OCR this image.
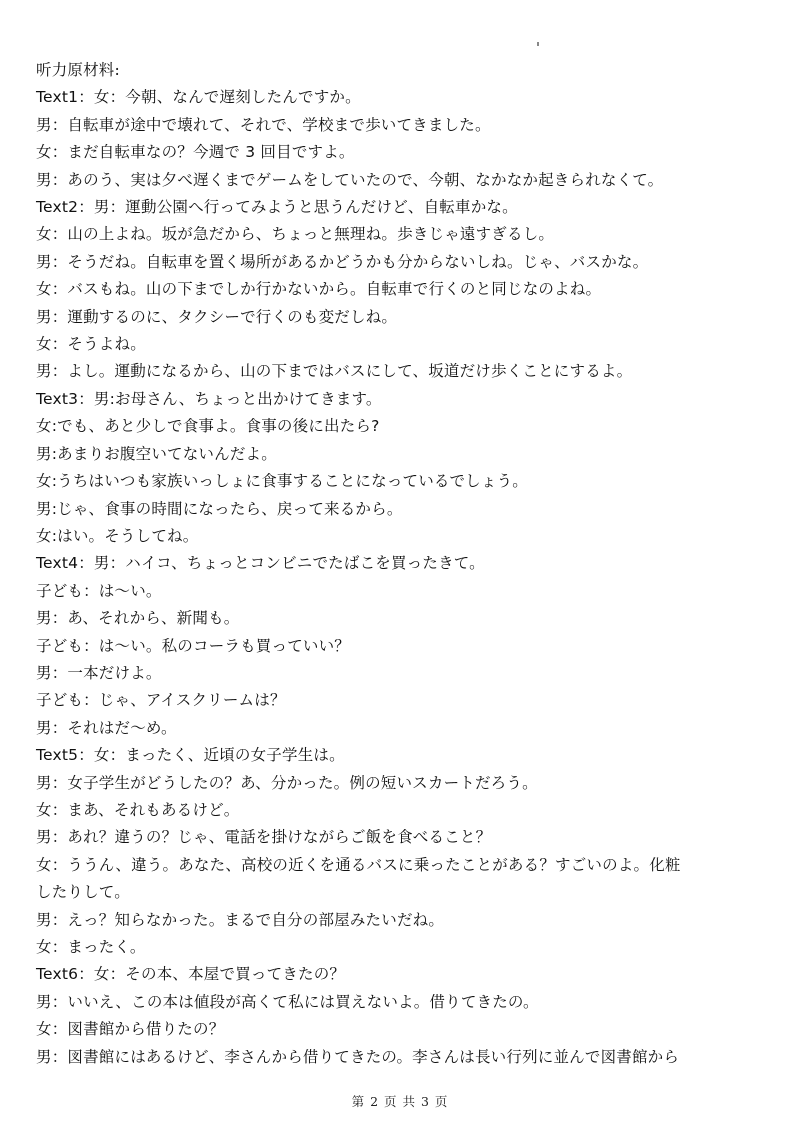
听力原材料:
Text1：女：今朝、なんで遅刻したんですか。
男：自転車が途中で壊れて、それで、学校まで歩いてきました。
女：まだ自転車なの？今週で 3 回目ですよ。
男：あのう、実は夕べ遅くまでゲームをしていたので、今朝、なかなか起きられなくて。
Text2：男：運動公園へ行ってみようと思うんだけど、自転車かな。
女：山の上よね。坂が急だから、ちょっと無理ね。歩きじゃ遠すぎるし。
男：そうだね。自転車を置く場所があるかどうかも分からないしね。じゃ、バスかな。
女：バスもね。山の下までしか行かないから。自転車で行くのと同じなのよね。
男：運動するのに、タクシーで行くのも変だしね。
女：そうよね。
男：よし。運動になるから、山の下まではバスにして、坂道だけ歩くことにするよ。
Text3：男:お母さん、ちょっと出かけてきます。
女:でも、あと少しで食事よ。食事の後に出たら?
男:あまりお腹空いてないんだよ。
女:うちはいつも家族いっしょに食事することになっているでしょう。
男:じゃ、食事の時間になったら、戻って来るから。
女:はい。そうしてね。
Text4：男：ハイコ、ちょっとコンビニでたばこを買ったきて。
子ども：は～い。
男：あ、それから、新聞も。
子ども：は～い。私のコーラも買っていい？
男：一本だけよ。
子ども：じゃ、アイスクリームは？
男：それはだ～め。
Text5：女：まったく、近頃の女子学生は。
男：女子学生がどうしたの？あ、分かった。例の短いスカートだろう。
女：まあ、それもあるけど。
男：あれ？違うの？じゃ、電話を掛けながらご飯を食べること？
女：ううん、違う。あなた、高校の近くを通るバスに乗ったことがある？すごいのよ。化粧
したりして。
男：えっ？知らなかった。まるで自分の部屋みたいだね。
女：まったく。
Text6：女：その本、本屋で買ってきたの？
男：いいえ、この本は値段が高くて私には買えないよ。借りてきたの。
女：図書館から借りたの？
男：図書館にはあるけど、李さんから借りてきたの。李さんは長い行列に並んで図書館から
第 2 页 共 3 页
